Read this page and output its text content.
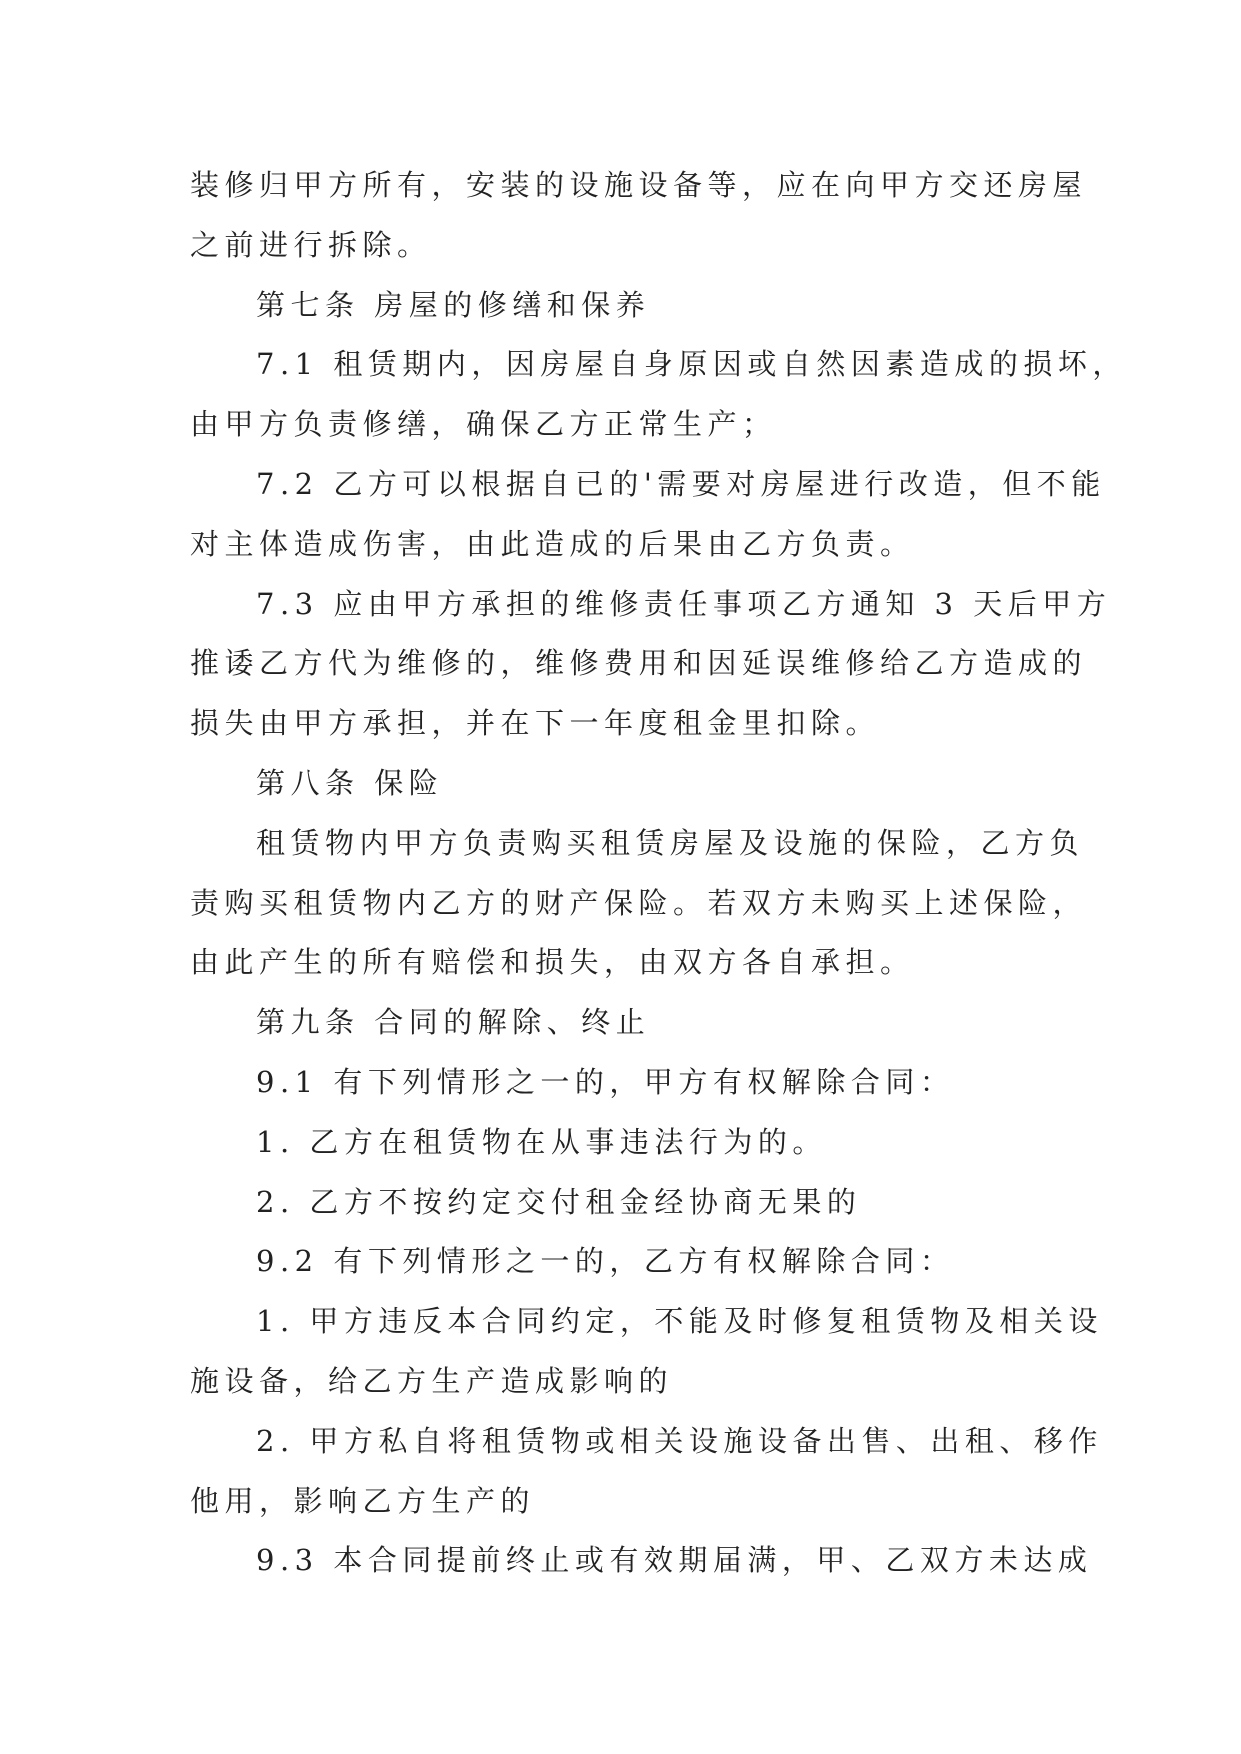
装修归甲方所有，安装的设施设备等，应在向甲方交还房屋

之前进行拆除。

第七条 房屋的修缮和保养

7.1 租赁期内，因房屋自身原因或自然因素造成的损坏，

由甲方负责修缮，确保乙方正常生产；

7.2 乙方可以根据自已的'需要对房屋进行改造，但不能

对主体造成伤害，由此造成的后果由乙方负责。

7.3 应由甲方承担的维修责任事项乙方通知 3 天后甲方

推诿乙方代为维修的，维修费用和因延误维修给乙方造成的

损失由甲方承担，并在下一年度租金里扣除。

第八条 保险

租赁物内甲方负责购买租赁房屋及设施的保险，乙方负

责购买租赁物内乙方的财产保险。若双方未购买上述保险，

由此产生的所有赔偿和损失，由双方各自承担。

第九条 合同的解除、终止

9.1 有下列情形之一的，甲方有权解除合同：

1. 乙方在租赁物在从事违法行为的。

2. 乙方不按约定交付租金经协商无果的

9.2 有下列情形之一的，乙方有权解除合同：

1. 甲方违反本合同约定，不能及时修复租赁物及相关设

施设备，给乙方生产造成影响的

2. 甲方私自将租赁物或相关设施设备出售、出租、移作

他用，影响乙方生产的

9.3 本合同提前终止或有效期届满，甲、乙双方未达成
